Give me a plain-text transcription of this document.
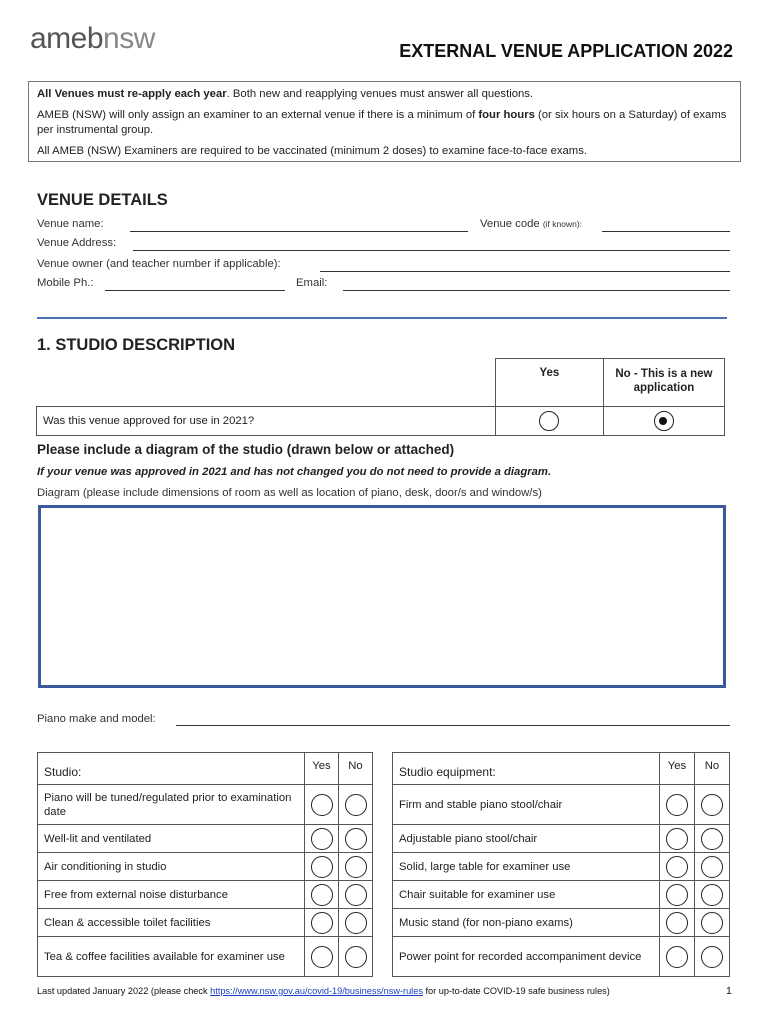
amebnsw	EXTERNAL VENUE APPLICATION 2022

All Venues must re-apply each year. Both new and reapplying venues must answer all questions.

AMEB (NSW) will only assign an examiner to an external venue if there is a minimum of four hours (or six hours on a Saturday) of exams per instrumental group.

All AMEB (NSW) Examiners are required to be vaccinated (minimum 2 doses) to examine face-to-face exams.

VENUE DETAILS
Venue name:	Venue code (if known):
Venue Address:
Venue owner (and teacher number if applicable):
Mobile Ph.:	Email:
1. STUDIO DESCRIPTION
	Yes	No - This is a new application
Was this venue approved for use in 2021?		
Please include a diagram of the studio (drawn below or attached)
If your venue was approved in 2021 and has not changed you do not need to provide a diagram.
Diagram (please include dimensions of room as well as location of piano, desk, door/s and window/s)
Piano make and model:
Studio:	Yes	No
Piano will be tuned/regulated prior to examination date		
Well-lit and ventilated		
Air conditioning in studio		
Free from external noise disturbance		
Clean & accessible toilet facilities		
Tea & coffee facilities available for examiner use		
Studio equipment:	Yes	No
Firm and stable piano stool/chair		
Adjustable piano stool/chair		
Solid, large table for examiner use		
Chair suitable for examiner use		
Music stand (for non-piano exams)		
Power point for recorded accompaniment device		
Last updated January 2022 (please check https://www.nsw.gov.au/covid-19/business/nsw-rules for up-to-date COVID-19 safe business rules)	1
